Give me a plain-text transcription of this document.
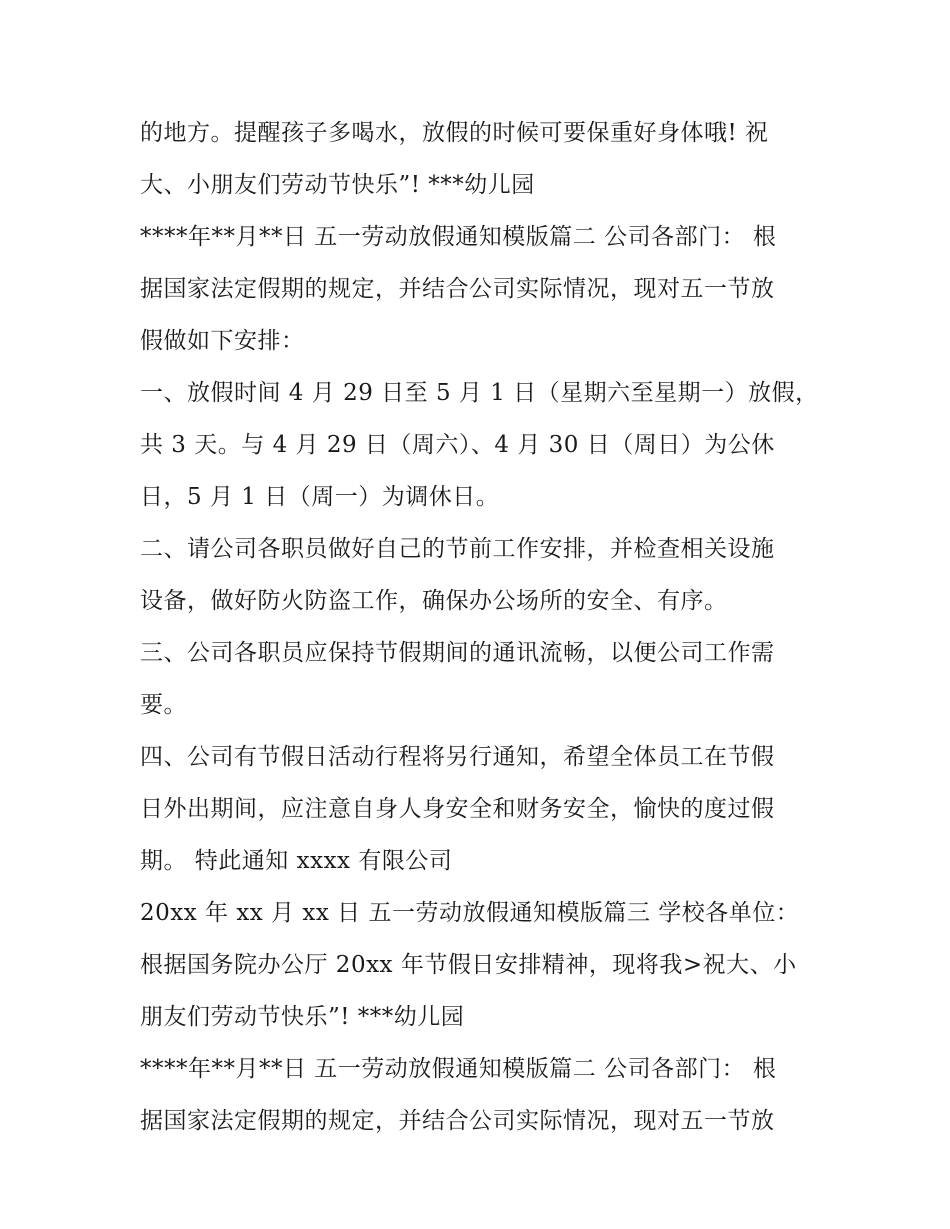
的地方。提醒孩子多喝水，放假的时候可要保重好身体哦! 祝
大、小朋友们劳动节快乐”! ***幼儿园
****年**月**日 五一劳动放假通知模版篇二 公司各部门： 根
据国家法定假期的规定，并结合公司实际情况，现对五一节放
假做如下安排：
一、放假时间 4 月 29 日至 5 月 1 日（星期六至星期一）放假，
共 3 天。与 4 月 29 日（周六）、4 月 30 日（周日）为公休
日，5 月 1 日（周一）为调休日。
二、请公司各职员做好自己的节前工作安排，并检查相关设施
设备，做好防火防盗工作，确保办公场所的安全、有序。
三、公司各职员应保持节假期间的通讯流畅，以便公司工作需
要。
四、公司有节假日活动行程将另行通知，希望全体员工在节假
日外出期间，应注意自身人身安全和财务安全，愉快的度过假
期。 特此通知 xxxx 有限公司
20xx 年 xx 月 xx 日 五一劳动放假通知模版篇三 学校各单位：
根据国务院办公厅 20xx 年节假日安排精神，现将我>祝大、小
朋友们劳动节快乐”! ***幼儿园
****年**月**日 五一劳动放假通知模版篇二 公司各部门： 根
据国家法定假期的规定，并结合公司实际情况，现对五一节放
